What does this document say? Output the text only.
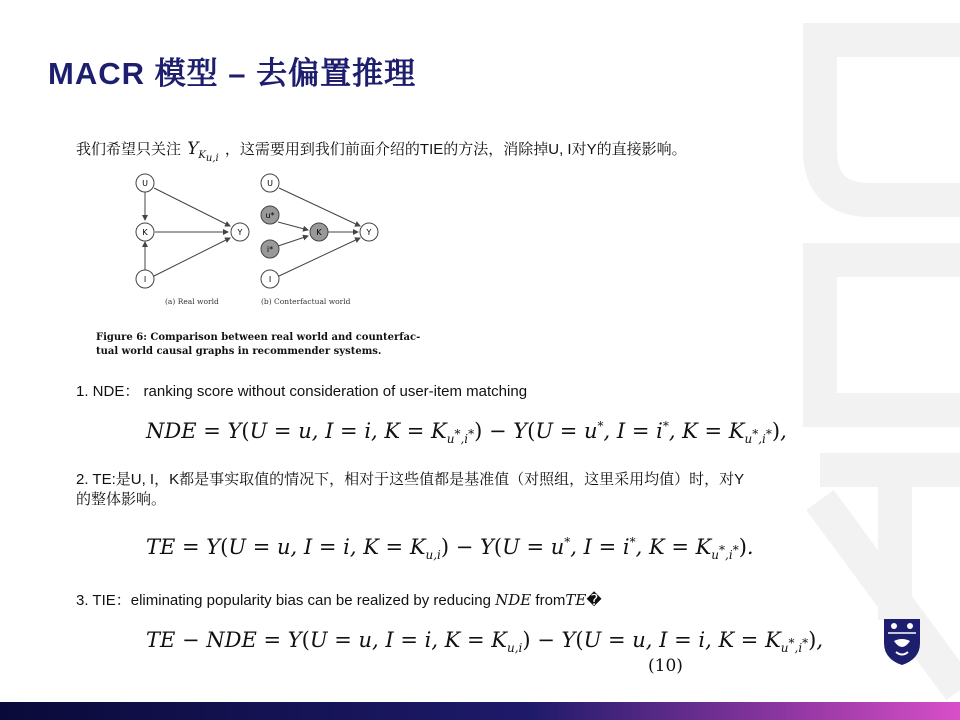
MACR 模型 – 去偏置推理
我们希望只关注 $Y_{K_{u,i}}$ ，这需要用到我们前面介绍的TIE的方法，消除掉U, I对Y的直接影响。
U
K	Y
I
U
u*
i*
I
K	Y
(a) Real world	(b) Conterfactual world
Figure 6: Comparison between real world and counterfac-
tual world causal graphs in recommender systems.
1. NDE： ranking score without consideration of user-item matching
NDE = Y(U = u, I = i, $K = K_{u^*,i^*}) - Y(U = u^*$, I = i*, $K = K_{u^*,i^*}$),
2. TE:是U, I，K都是事实取值的情况下，相对于这些值都是基准值（对照组，这里采用均值）时，对Y的整体影响。
TE = Y(U = u, I = i, $K = K_{u,i}) - Y(U = u^*$, I = i*, $K = K_{u^*,i^*}$).
3. TIE：eliminating popularity bias can be realized by reducing NDE fromTE�
TE − NDE = Y(U = u, I = i, $K = K_{u,i}) - Y(U = u$, I = i, $K = K_{u^*,i^*}$),
(10)
